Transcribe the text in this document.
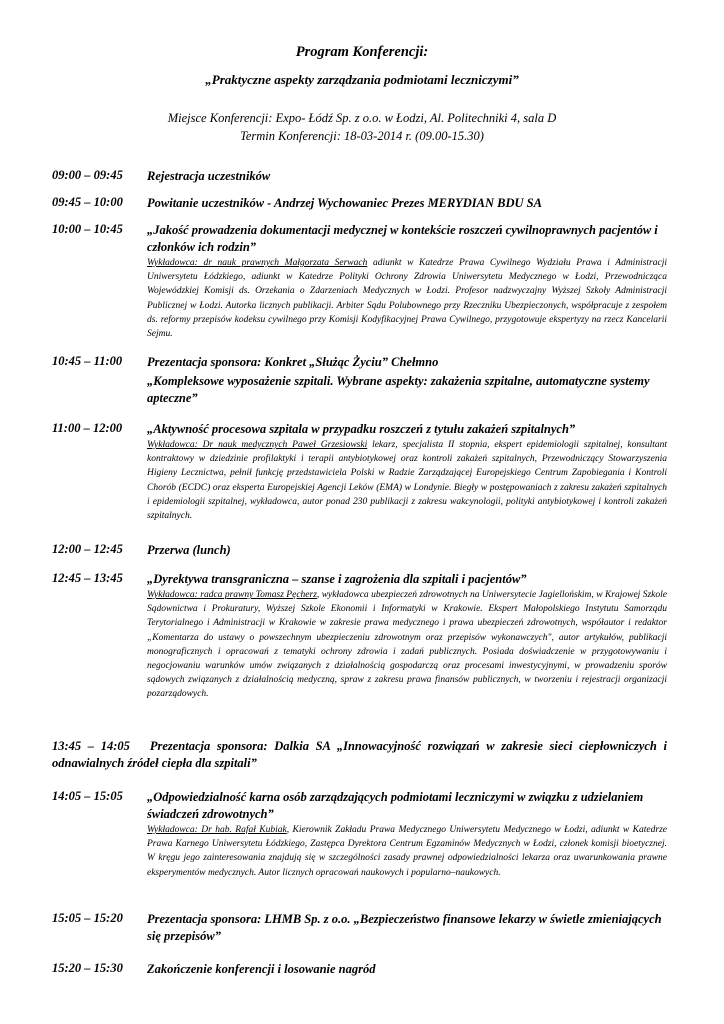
Program Konferencji:
„Praktyczne aspekty zarządzania podmiotami leczniczymi”
Miejsce Konferencji: Expo- Łódź Sp. z o.o. w Łodzi, Al. Politechniki 4, sala D
Termin Konferencji: 18-03-2014 r. (09.00-15.30)
09:00 – 09:45 Rejestracja uczestników
09:45 – 10:00 Powitanie uczestników - Andrzej Wychowaniec Prezes MERYDIAN BDU SA
10:00 – 10:45 „Jakość prowadzenia dokumentacji medycznej w kontekście roszczeń cywilnoprawnych pacjentów i członków ich rodzin”
Wykładowca: dr nauk prawnych Małgorzata Serwach adiunkt w Katedrze Prawa Cywilnego Wydziału Prawa i Administracji Uniwersytetu Łódzkiego, adiunkt w Katedrze Polityki Ochrony Zdrowia Uniwersytetu Medycznego w Łodzi, Przewodnicząca Wojewódzkiej Komisji ds. Orzekania o Zdarzeniach Medycznych w Łodzi. Profesor nadzwyczajny Wyższej Szkoły Administracji Publicznej w Łodzi. Autorka licznych publikacji. Arbiter Sądu Polubownego przy Rzeczniku Ubezpieczonych, współpracuje z zespołem ds. reformy przepisów kodeksu cywilnego przy Komisji Kodyfikacyjnej Prawa Cywilnego, przygotowuje ekspertyzy na rzecz Kancelarii Sejmu.
10:45 – 11:00 Prezentacja sponsora: Konkret „Służąc Życiu” Chełmno
„Kompleksowe wyposażenie szpitali. Wybrane aspekty: zakażenia szpitalne, automatyczne systemy apteczne”
11:00 – 12:00 „Aktywność procesowa szpitala w przypadku roszczeń z tytułu zakażeń szpitalnych”
Wykładowca: Dr nauk medycznych Paweł Grzesiowski lekarz, specjalista II stopnia, ekspert epidemiologii szpitalnej, konsultant kontraktowy w dziedzinie profilaktyki i terapii antybiotykowej oraz kontroli zakażeń szpitalnych, Przewodniczący Stowarzyszenia Higieny Lecznictwa, pełnił funkcję przedstawiciela Polski w Radzie Zarządzającej Europejskiego Centrum Zapobiegania i Kontroli Chorób (ECDC) oraz eksperta Europejskiej Agencji Leków (EMA) w Londynie. Biegły w postępowaniach z zakresu zakażeń szpitalnych i epidemiologii szpitalnej, wykładowca, autor ponad 230 publikacji z zakresu wakcynologii, polityki antybiotykowej i kontroli zakażeń szpitalnych.
12:00 – 12:45 Przerwa (lunch)
12:45 – 13:45 „Dyrektywa transgraniczna – szanse i zagrożenia dla szpitali i pacjentów”
Wykładowca: radca prawny Tomasz Pęcherz, wykładowca ubezpieczeń zdrowotnych na Uniwersytecie Jagiellońskim, w Krajowej Szkole Sądownictwa i Prokuratury, Wyższej Szkole Ekonomii i Informatyki w Krakowie. Ekspert Małopolskiego Instytutu Samorządu Terytorialnego i Administracji w Krakowie w zakresie prawa medycznego i prawa ubezpieczeń zdrowotnych, współautor i redaktor „Komentarza do ustawy o powszechnym ubezpieczeniu zdrowotnym oraz przepisów wykonawczych", autor artykułów, publikacji monograficznych i opracowań z tematyki ochrony zdrowia i zadań publicznych. Posiada doświadczenie w przygotowywaniu i negocjowaniu warunków umów związanych z działalnością gospodarczą oraz procesami inwestycyjnymi, w prowadzeniu sporów sądowych związanych z działalnością medyczną, spraw z zakresu prawa finansów publicznych, w tworzeniu i rejestracji organizacji pozarządowych.
13:45 – 14:05 Prezentacja sponsora: Dalkia SA „Innowacyjność rozwiązań w zakresie sieci ciepłowniczych i odnawialnych źródeł ciepła dla szpitali”
14:05 – 15:05 „Odpowiedzialność karna osób zarządzających podmiotami leczniczymi w związku z udzielaniem świadczeń zdrowotnych”
Wykładowca: Dr hab. Rafał Kubiak, Kierownik Zakładu Prawa Medycznego Uniwersytetu Medycznego w Łodzi, adiunkt w Katedrze Prawa Karnego Uniwersytetu Łódzkiego, Zastępca Dyrektora Centrum Egzaminów Medycznych w Łodzi, członek komisji bioetycznej. W kręgu jego zainteresowania znajdują się w szczególności zasady prawnej odpowiedzialności lekarza oraz uwarunkowania prawne eksperymentów medycznych. Autor licznych opracowań naukowych i popularno–naukowych.
15:05 – 15:20 Prezentacja sponsora: LHMB Sp. z o.o. „Bezpieczeństwo finansowe lekarzy w świetle zmieniających się przepisów”
15:20 – 15:30 Zakończenie konferencji i losowanie nagród
